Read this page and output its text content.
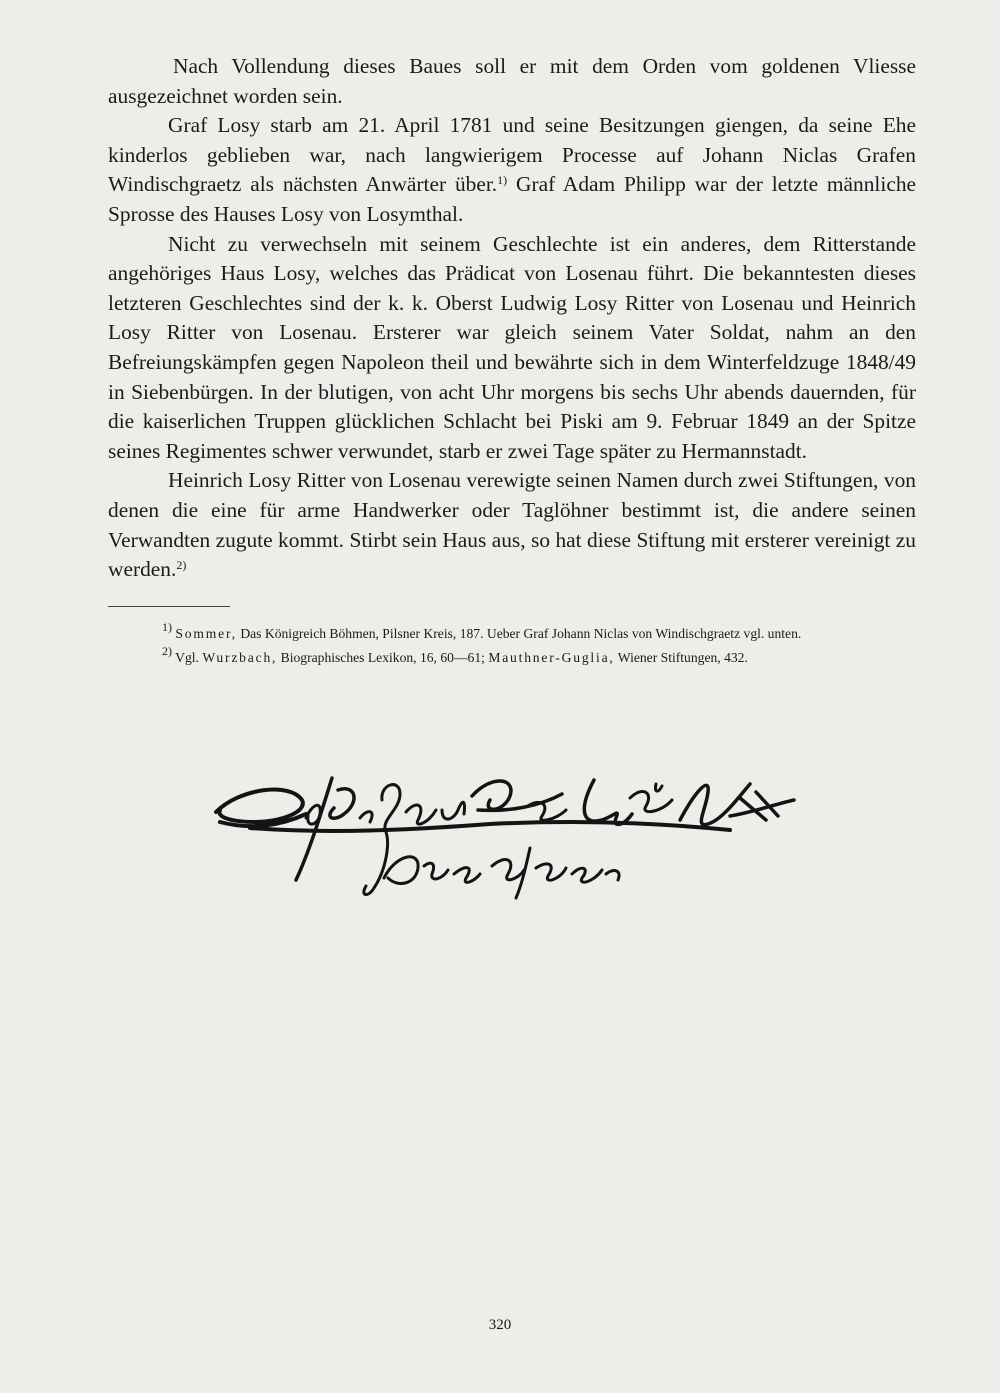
Nach Vollendung dieses Baues soll er mit dem Orden vom goldenen Vliesse ausgezeichnet worden sein.

Graf Losy starb am 21. April 1781 und seine Besitzungen giengen, da seine Ehe kinderlos geblieben war, nach langwierigem Processe auf Johann Niclas Grafen Windischgraetz als nächsten Anwärter über.$^{1)}$ Graf Adam Philipp war der letzte männliche Sprosse des Hauses Losy von Losymthal.

Nicht zu verwechseln mit seinem Geschlechte ist ein anderes, dem Ritterstande angehöriges Haus Losy, welches das Prädicat von Losenau führt. Die bekanntesten dieses letzteren Geschlechtes sind der k. k. Oberst Ludwig Losy Ritter von Losenau und Heinrich Losy Ritter von Losenau. Ersterer war gleich seinem Vater Soldat, nahm an den Befreiungskämpfen gegen Napoleon theil und bewährte sich in dem Winterfeldzuge 1848/49 in Siebenbürgen. In der blutigen, von acht Uhr morgens bis sechs Uhr abends dauernden, für die kaiserlichen Truppen glücklichen Schlacht bei Piski am 9. Februar 1849 an der Spitze seines Regimentes schwer verwundet, starb er zwei Tage später zu Hermannstadt.

Heinrich Losy Ritter von Losenau verewigte seinen Namen durch zwei Stiftungen, von denen die eine für arme Handwerker oder Taglöhner bestimmt ist, die andere seinen Verwandten zugute kommt. Stirbt sein Haus aus, so hat diese Stiftung mit ersterer vereinigt zu werden.$^{2)}$

$^{1)}$ Sommer, Das Königreich Böhmen, Pilsner Kreis, 187. Ueber Graf Johann Niclas von Windischgraetz vgl. unten.

$^{2)}$ Vgl. Wurzbach, Biographisches Lexikon, 16, 60—61; Mauthner-Guglia, Wiener Stiftungen, 432.

320
